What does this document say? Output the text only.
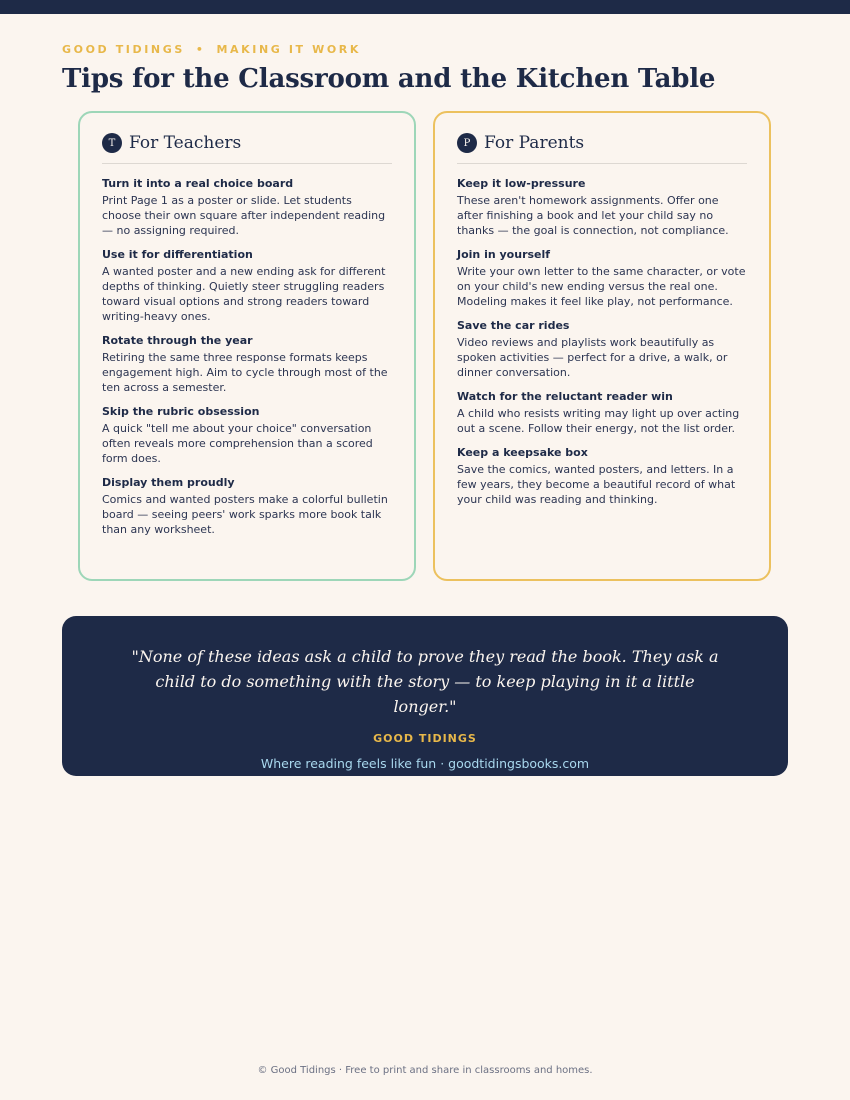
GOOD TIDINGS • MAKING IT WORK
Tips for the Classroom and the Kitchen Table
T For Teachers
Turn it into a real choice board
Print Page 1 as a poster or slide. Let students choose their own square after independent reading — no assigning required.
Use it for differentiation
A wanted poster and a new ending ask for different depths of thinking. Quietly steer struggling readers toward visual options and strong readers toward writing-heavy ones.
Rotate through the year
Retiring the same three response formats keeps engagement high. Aim to cycle through most of the ten across a semester.
Skip the rubric obsession
A quick "tell me about your choice" conversation often reveals more comprehension than a scored form does.
Display them proudly
Comics and wanted posters make a colorful bulletin board — seeing peers' work sparks more book talk than any worksheet.
P For Parents
Keep it low-pressure
These aren't homework assignments. Offer one after finishing a book and let your child say no thanks — the goal is connection, not compliance.
Join in yourself
Write your own letter to the same character, or vote on your child's new ending versus the real one. Modeling makes it feel like play, not performance.
Save the car rides
Video reviews and playlists work beautifully as spoken activities — perfect for a drive, a walk, or dinner conversation.
Watch for the reluctant reader win
A child who resists writing may light up over acting out a scene. Follow their energy, not the list order.
Keep a keepsake box
Save the comics, wanted posters, and letters. In a few years, they become a beautiful record of what your child was reading and thinking.

"None of these ideas ask a child to prove they read the book. They ask a child to do something with the story — to keep playing in it a little longer."

GOOD TIDINGS
Where reading feels like fun · goodtidingsbooks.com
© Good Tidings · Free to print and share in classrooms and homes.
